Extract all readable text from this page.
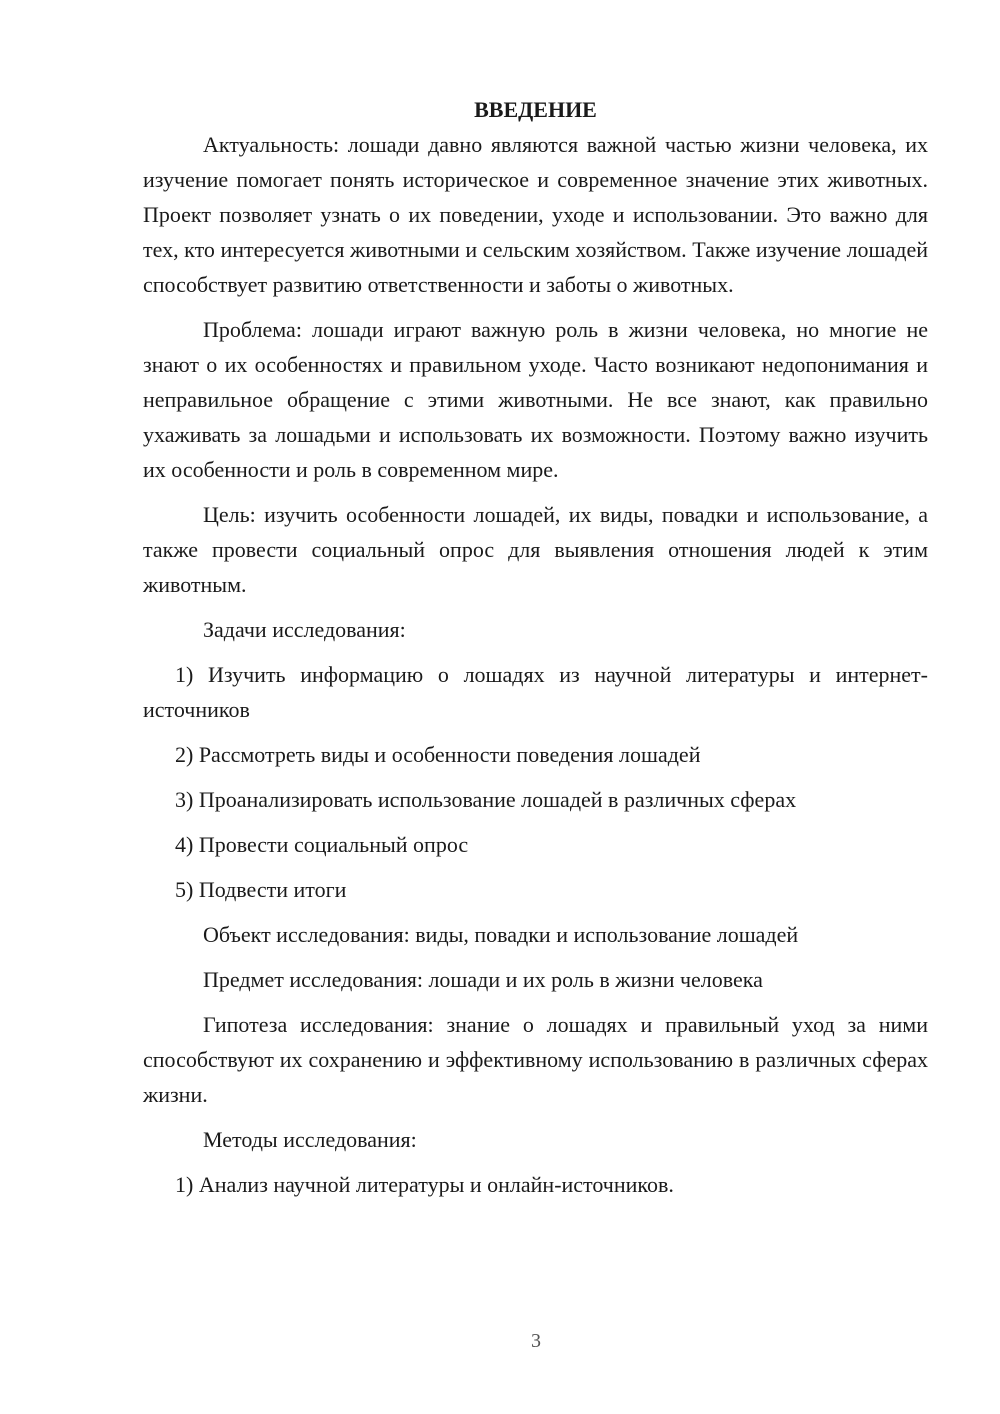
ВВЕДЕНИЕ

Актуальность: лошади давно являются важной частью жизни человека, их изучение помогает понять историческое и современное значение этих животных. Проект позволяет узнать о их поведении, уходе и использовании. Это важно для тех, кто интересуется животными и сельским хозяйством. Также изучение лошадей способствует развитию ответственности и заботы о животных.

Проблема: лошади играют важную роль в жизни человека, но многие не знают о их особенностях и правильном уходе. Часто возникают недопонимания и неправильное обращение с этими животными. Не все знают, как правильно ухаживать за лошадьми и использовать их возможности. Поэтому важно изучить их особенности и роль в современном мире.

Цель: изучить особенности лошадей, их виды, повадки и использование, а также провести социальный опрос для выявления отношения людей к этим животным.

Задачи исследования:

1) Изучить информацию о лошадях из научной литературы и интернет-источников

2) Рассмотреть виды и особенности поведения лошадей

3) Проанализировать использование лошадей в различных сферах

4) Провести социальный опрос

5) Подвести итоги

Объект исследования: виды, повадки и использование лошадей

Предмет исследования: лошади и их роль в жизни человека

Гипотеза исследования: знание о лошадях и правильный уход за ними способствуют их сохранению и эффективному использованию в различных сферах жизни.

Методы исследования:

1) Анализ научной литературы и онлайн-источников.

3
